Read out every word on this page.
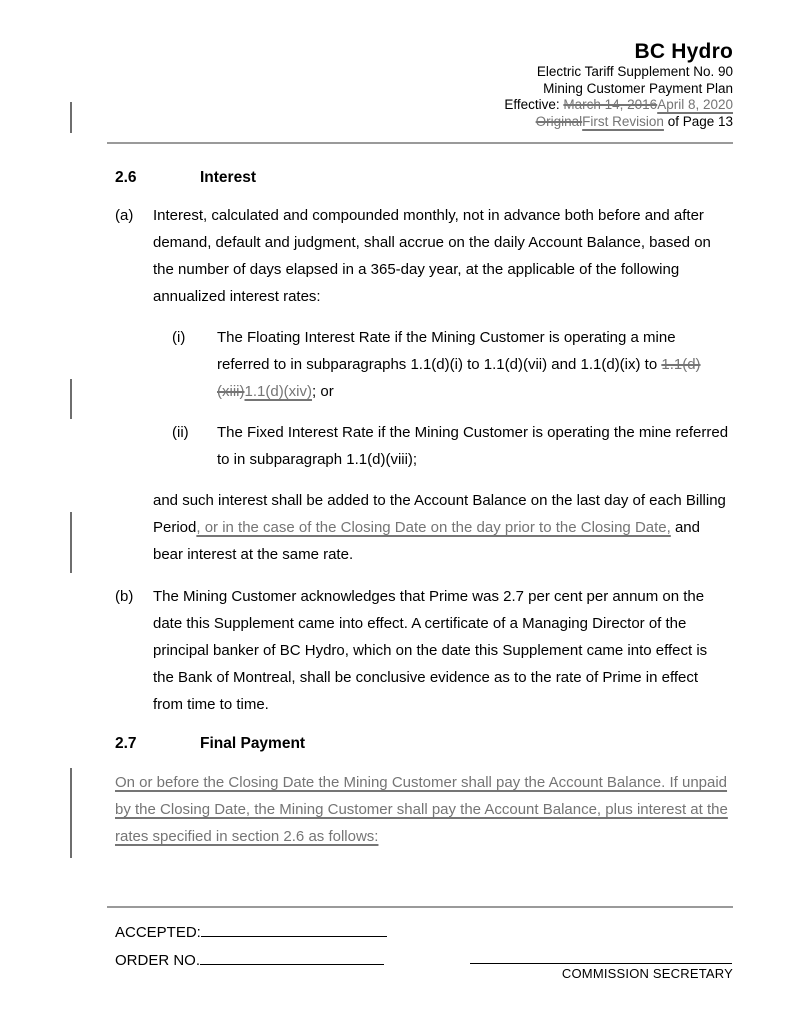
BC Hydro
Electric Tariff Supplement No. 90
Mining Customer Payment Plan
Effective: March 14, 2016April 8, 2020
OriginalFirst Revision of Page 13
2.6	Interest
(a)	Interest, calculated and compounded monthly, not in advance both before and after demand, default and judgment, shall accrue on the daily Account Balance, based on the number of days elapsed in a 365-day year, at the applicable of the following annualized interest rates:
(i)	The Floating Interest Rate if the Mining Customer is operating a mine referred to in subparagraphs 1.1(d)(i) to 1.1(d)(vii) and 1.1(d)(ix) to 1.1(d)(xiii)1.1(d)(xiv); or
(ii)	The Fixed Interest Rate if the Mining Customer is operating the mine referred to in subparagraph 1.1(d)(viii);
and such interest shall be added to the Account Balance on the last day of each Billing Period, or in the case of the Closing Date on the day prior to the Closing Date, and bear interest at the same rate.
(b)	The Mining Customer acknowledges that Prime was 2.7 per cent per annum on the date this Supplement came into effect. A certificate of a Managing Director of the principal banker of BC Hydro, which on the date this Supplement came into effect is the Bank of Montreal, shall be conclusive evidence as to the rate of Prime in effect from time to time.
2.7	Final Payment
On or before the Closing Date the Mining Customer shall pay the Account Balance. If unpaid by the Closing Date, the Mining Customer shall pay the Account Balance, plus interest at the rates specified in section 2.6 as follows:
ACCEPTED:
ORDER NO.
COMMISSION SECRETARY
